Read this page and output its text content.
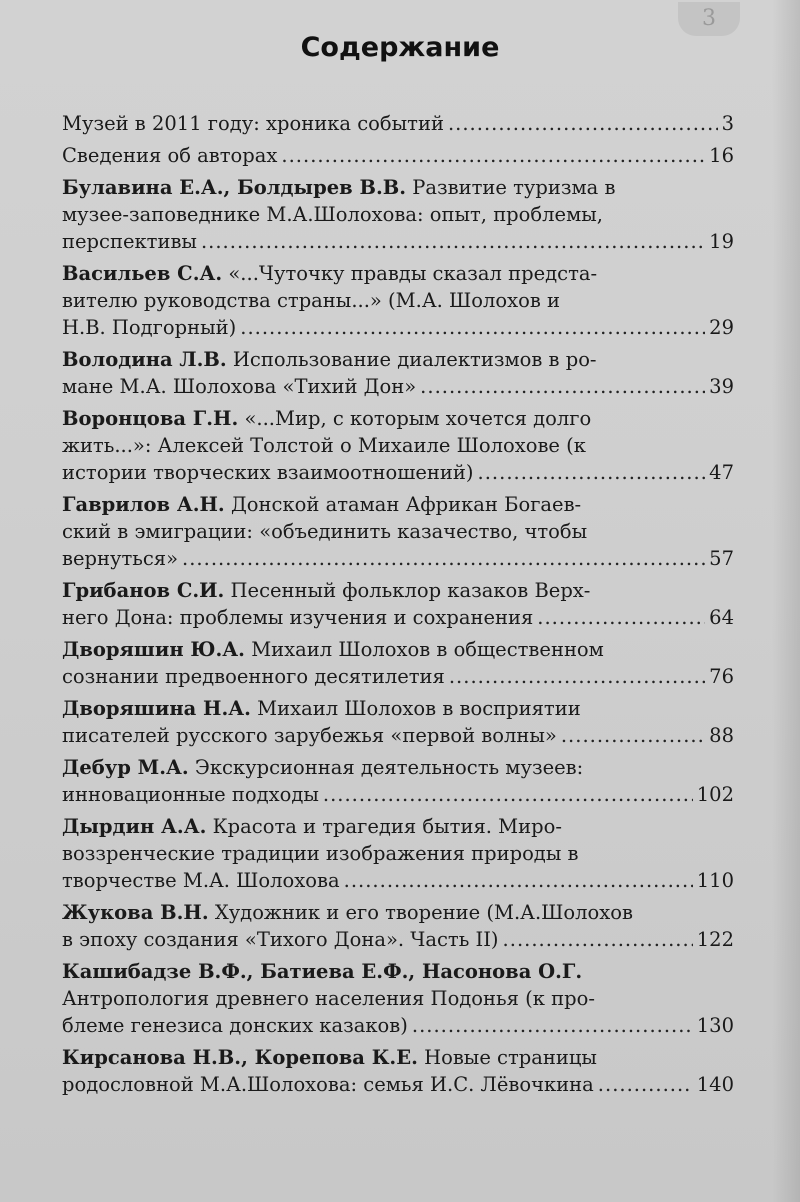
3
Содержание
Музей в 2011 году: хроника событий .....	3
Сведения об авторах .....	16
Булавина Е.А., Болдырев В.В. Развитие туризма в
музее-заповеднике М.А.Шолохова: опыт, проблемы,
перспективы .....	19
Васильев С.А. «...Чуточку правды сказал предста-
вителю руководства страны...» (М.А. Шолохов и
Н.В. Подгорный) .....	29
Володина Л.В. Использование диалектизмов в ро-
мане М.А. Шолохова «Тихий Дон» .....	39
Воронцова Г.Н. «...Мир, с которым хочется долго
жить...»: Алексей Толстой о Михаиле Шолохове (к
истории творческих взаимоотношений) .....	47
Гаврилов А.Н. Донской атаман Африкан Богаев-
ский в эмиграции: «объединить казачество, чтобы
вернуться» .....	57
Грибанов С.И. Песенный фольклор казаков Верх-
него Дона: проблемы изучения и сохранения .....	64
Дворяшин Ю.А. Михаил Шолохов в общественном
сознании предвоенного десятилетия .....	76
Дворяшина Н.А. Михаил Шолохов в восприятии
писателей русского зарубежья «первой волны» .....	88
Дебур М.А. Экскурсионная деятельность музеев:
инновационные подходы .....	102
Дырдин А.А. Красота и трагедия бытия. Миро-
воззренческие традиции изображения природы в
творчестве М.А. Шолохова .....	110
Жукова В.Н. Художник и его творение (М.А.Шолохов
в эпоху создания «Тихого Дона». Часть II) .....	122
Кашибадзе В.Ф., Батиева Е.Ф., Насонова О.Г.
Антропология древнего населения Подонья (к про-
блеме генезиса донских казаков) .....	130
Кирсанова Н.В., Корепова К.Е. Новые страницы
родословной М.А.Шолохова: семья И.С. Лёвочкина .....	140
